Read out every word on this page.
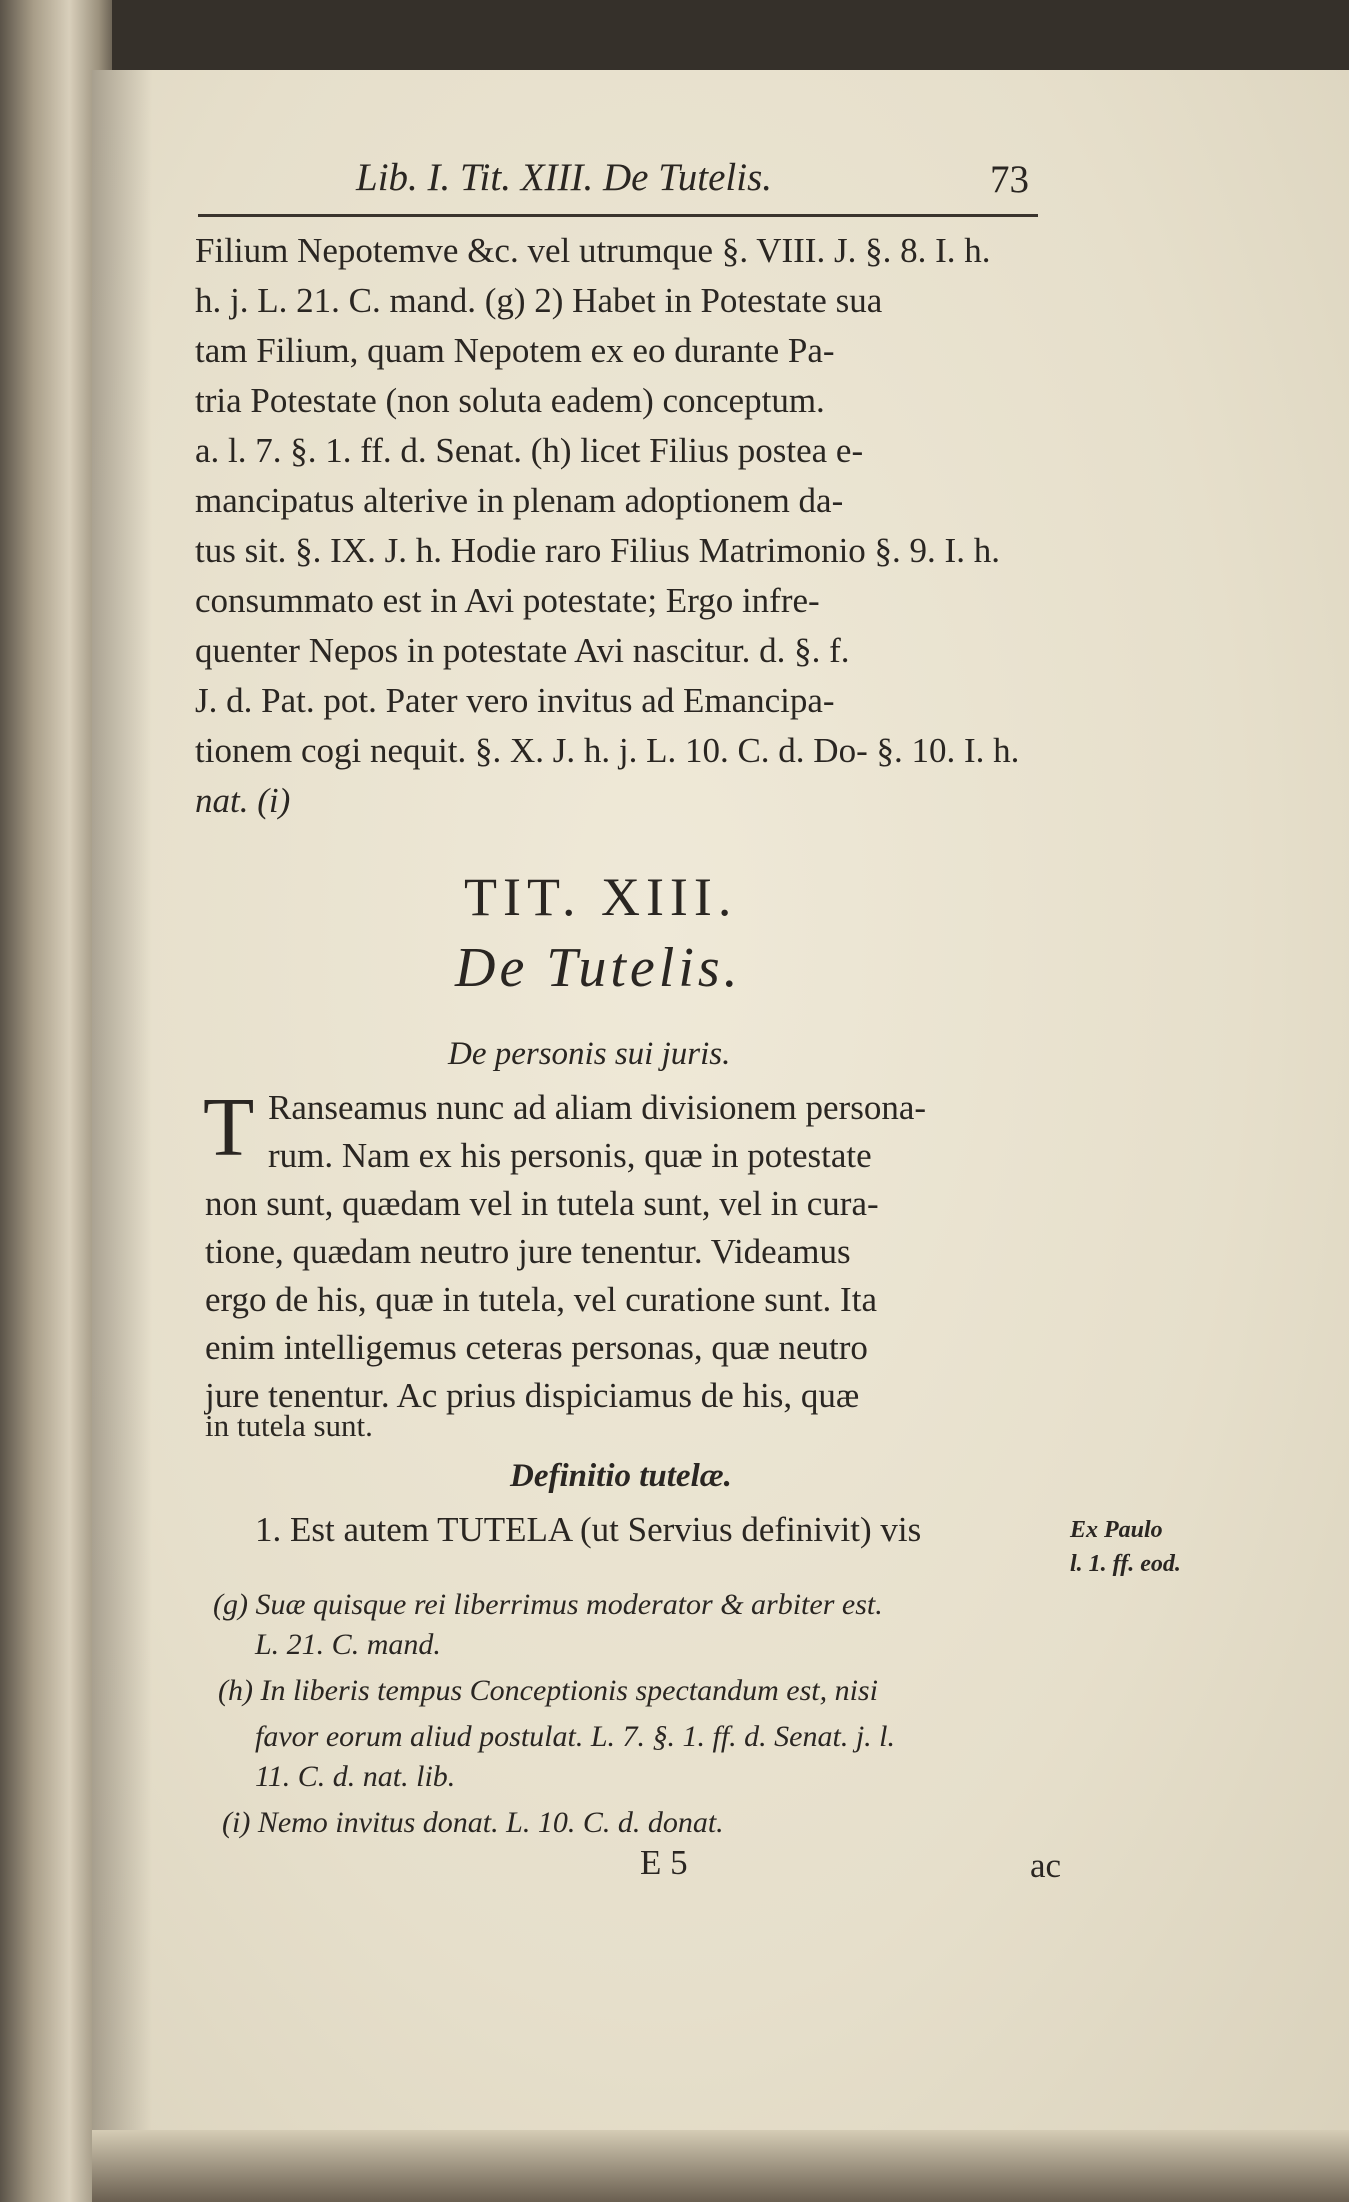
Lib. I. Tit. XIII. De Tutelis.	73
Filium Nepotemve &c. vel utrumque §. VIII. J. §. 8. I. h.
h. j. L. 21. C. mand. (g) 2) Habet in Potestate sua
tam Filium, quam Nepotem ex eo durante Pa-
tria Potestate (non soluta eadem) conceptum.
a. l. 7. §. 1. ff. d. Senat. (h) licet Filius postea e-
mancipatus alterive in plenam adoptionem da-
tus sit. §. IX. J. h. Hodie raro Filius Matrimonio §. 9. I. h.
consummato est in Avi potestate; Ergo infre-
quenter Nepos in potestate Avi nascitur. d. §. f.
J. d. Pat. pot. Pater vero invitus ad Emancipa-
tionem cogi nequit. §. X. J. h. j. L. 10. C. d. Do- §. 10. I. h.
nat. (i)
TIT. XIII.
De Tutelis.
De personis sui juris.
T Ranseamus nunc ad aliam divisionem persona-
rum. Nam ex his personis, quæ in potestate
non sunt, quædam vel in tutela sunt, vel in cura-
tione, quædam neutro jure tenentur. Videamus
ergo de his, quæ in tutela, vel curatione sunt. Ita
enim intelligemus ceteras personas, quæ neutro
jure tenentur. Ac prius dispiciamus de his, quæ
in tutela sunt.
Definitio tutelæ.
1. Est autem TUTELA (ut Servius definivit) vis	Ex Paulo
l. 1. ff. eod.
(g) Suæ quisque rei liberrimus moderator & arbiter est.
L. 21. C. mand.
(h) In liberis tempus Conceptionis spectandum est, nisi
favor eorum aliud postulat. L. 7. §. 1. ff. d. Senat. j. l.
11. C. d. nat. lib.
(i) Nemo invitus donat. L. 10. C. d. donat.
E 5	ac
